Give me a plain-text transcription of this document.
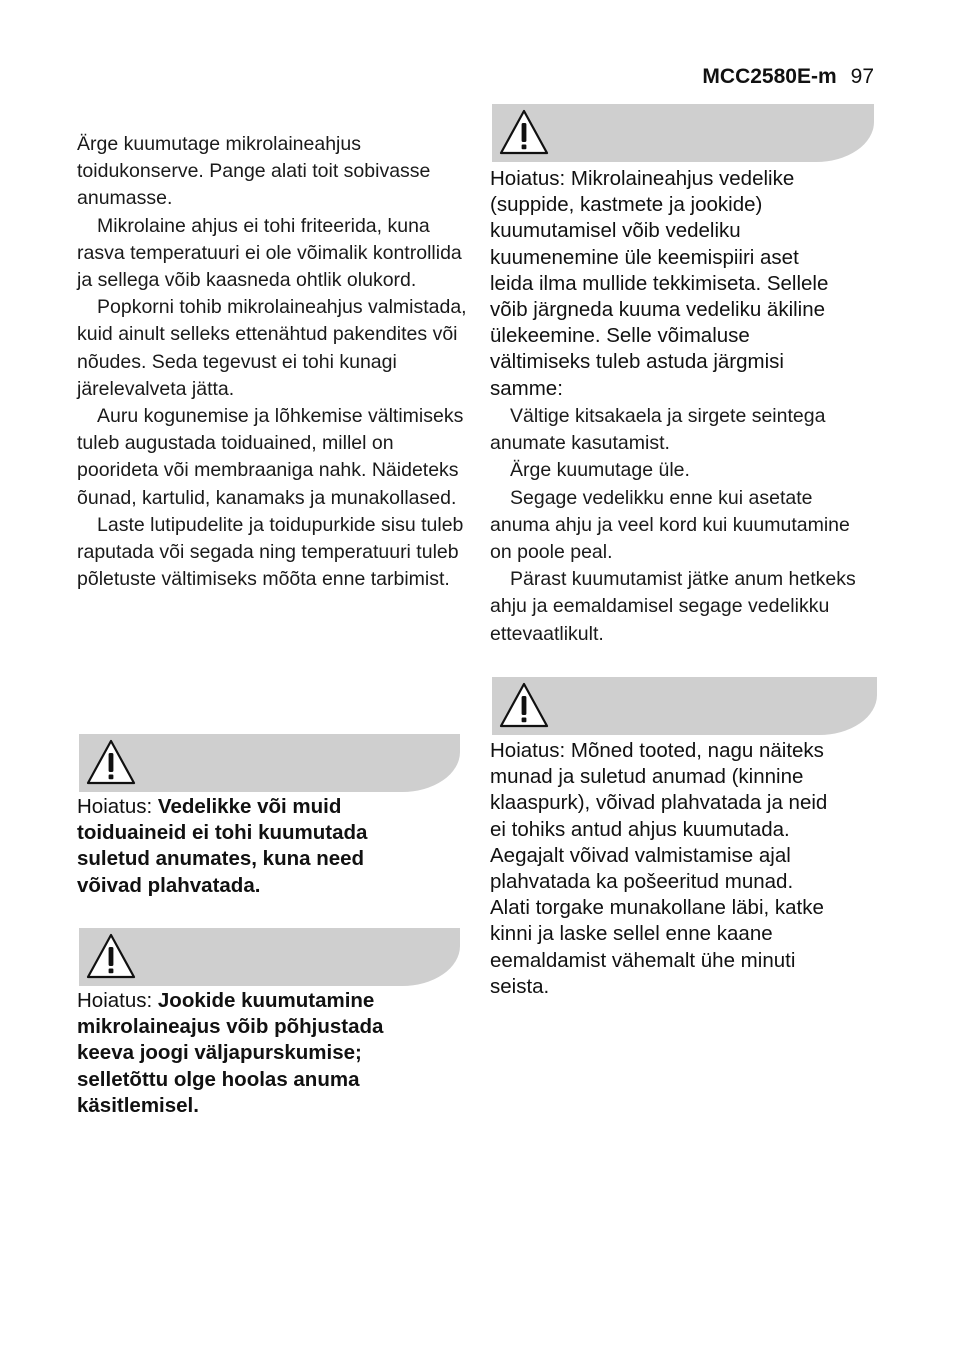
MCC2580E-m 97

Ärge kuumutage mikrolaineahjus toidukonserve. Pange alati toit sobivasse anumasse.

Mikrolaine ahjus ei tohi friteerida, kuna rasva temperatuuri ei ole võimalik kontrollida ja sellega võib kaasneda ohtlik olukord.

Popkorni tohib mikrolaineahjus valmistada, kuid ainult selleks ettenähtud pakendites või nõudes. Seda tegevust ei tohi kunagi järelevalveta jätta.

Auru kogunemise ja lõhkemise vältimiseks tuleb augustada toiduained, millel on pooridetа või membraaniga nahk. Näideteks õunad, kartulid, kanamaks ja munakollased.

Laste lutipudelite ja toidupurkide sisu tuleb raputada või segada ning temperatuuri tuleb põletuste vältimiseks mõõta enne tarbimist.

Hoiatus: Vedelikke või muid
toiduaineid ei tohi kuumutada
suletud anumates, kuna need
võivad plahvatada.
Hoiatus: Jookide kuumutamine
mikrolaineajus võib põhjustada
keeva joogi väljapurskumise;
selletõttu olge hoolas anuma
käsitlemisel.
Hoiatus: Mikrolaineahjus vedelike
(suppide, kastmete ja jookide)
kuumutamisel võib vedeliku
kuumenemine üle keemispiiri aset
leida ilma mullide tekkimiseta. Sellele
võib järgneda kuuma vedeliku äkiline
ülekeemine. Selle võimaluse
vältimiseks tuleb astuda järgmisi
samme:

Vältige kitsakaela ja sirgete seintega anumate kasutamist.

Ärge kuumutage üle.

Segage vedelikku enne kui asetate anuma ahju ja veel kord kui kuumutamine on poole peal.

Pärast kuumutamist jätke anum hetkeks ahju ja eemaldamisel segage vedelikku ettevaatlikult.

Hoiatus: Mõned tooted, nagu näiteks
munad ja suletud anumad (kinnine
klaaspurk), võivad plahvatada ja neid
ei tohiks antud ahjus kuumutada.
Aegajalt võivad valmistamise ajal
plahvatada ka pošeeritud munad.
Alati torgake munakollane läbi, katke
kinni ja laske sellel enne kaane
eemaldamist vähemalt ühe minuti
seista.
